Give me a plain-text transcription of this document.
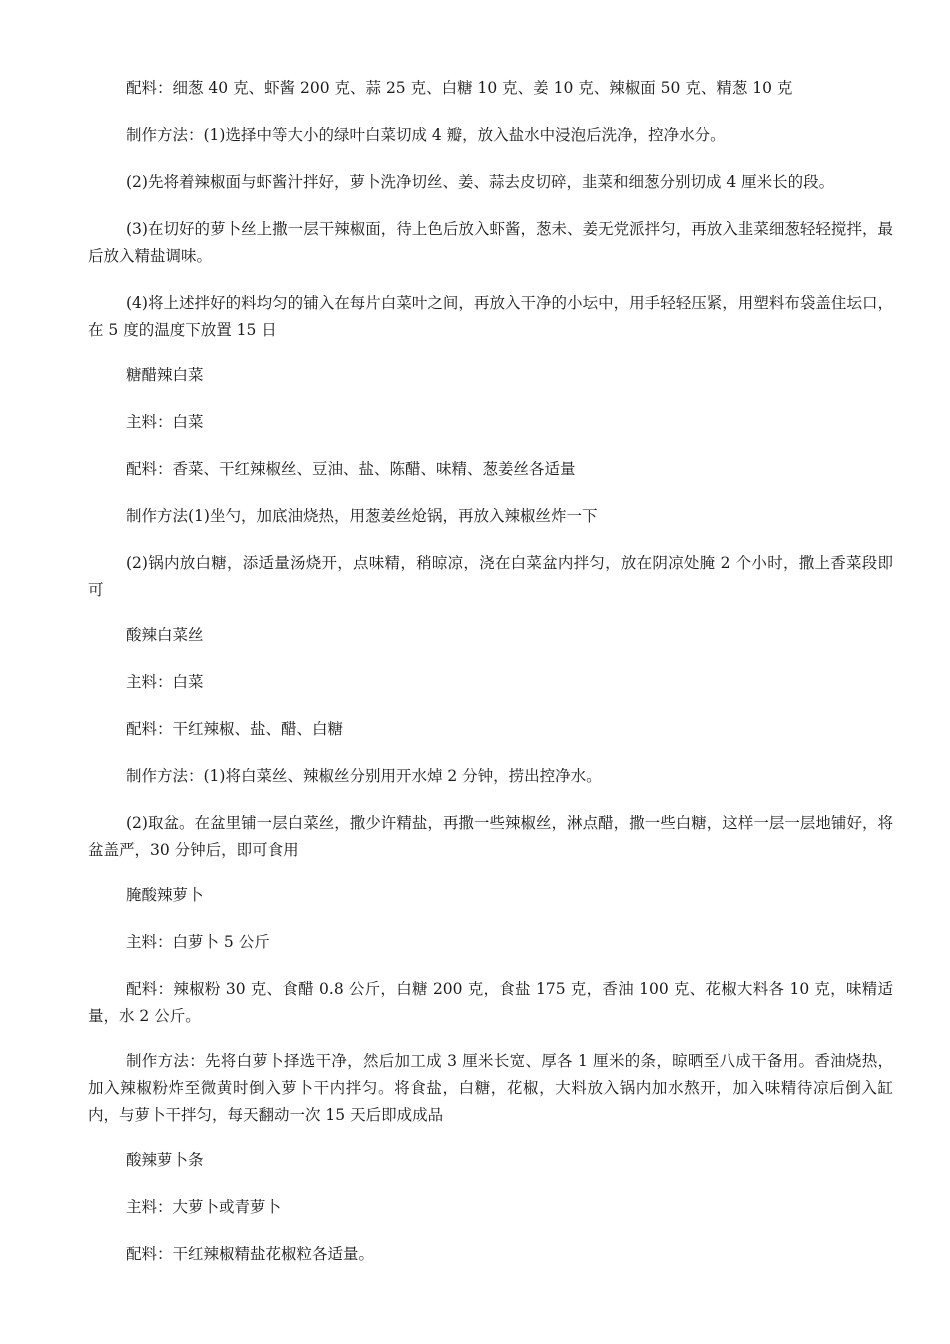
配料：细葱 40 克、虾酱 200 克、蒜 25 克、白糖 10 克、姜 10 克、辣椒面 50 克、精葱 10 克

制作方法：(1)选择中等大小的绿叶白菜切成 4 瓣，放入盐水中浸泡后洗净，控净水分。

(2)先将着辣椒面与虾酱汁拌好，萝卜洗净切丝、姜、蒜去皮切碎，韭菜和细葱分别切成 4 厘米长的段。

(3)在切好的萝卜丝上撒一层干辣椒面，待上色后放入虾酱，葱未、姜无党派拌匀，再放入韭菜细葱轻轻搅拌，最后放入精盐调味。

(4)将上述拌好的料均匀的铺入在每片白菜叶之间，再放入干净的小坛中，用手轻轻压紧，用塑料布袋盖住坛口，在 5 度的温度下放置 15 日

糖醋辣白菜

主料：白菜

配料：香菜、干红辣椒丝、豆油、盐、陈醋、味精、葱姜丝各适量

制作方法(1)坐勺，加底油烧热，用葱姜丝炝锅，再放入辣椒丝炸一下

(2)锅内放白糖，添适量汤烧开，点味精，稍晾凉，浇在白菜盆内拌匀，放在阴凉处腌 2 个小时，撒上香菜段即可

酸辣白菜丝

主料：白菜

配料：干红辣椒、盐、醋、白糖

制作方法：(1)将白菜丝、辣椒丝分别用开水焯 2 分钟，捞出控净水。

(2)取盆。在盆里铺一层白菜丝，撒少许精盐，再撒一些辣椒丝，淋点醋，撒一些白糖，这样一层一层地铺好，将盆盖严，30 分钟后，即可食用

腌酸辣萝卜

主料：白萝卜 5 公斤

配料：辣椒粉 30 克、食醋 0.8 公斤，白糖 200 克，食盐 175 克，香油 100 克、花椒大料各 10 克，味精适量，水 2 公斤。

制作方法：先将白萝卜择选干净，然后加工成 3 厘米长宽、厚各 1 厘米的条，晾晒至八成干备用。香油烧热，加入辣椒粉炸至微黄时倒入萝卜干内拌匀。将食盐，白糖，花椒，大料放入锅内加水熬开，加入味精待凉后倒入缸内，与萝卜干拌匀，每天翻动一次 15 天后即成成品

酸辣萝卜条

主料：大萝卜或青萝卜

配料：干红辣椒精盐花椒粒各适量。
